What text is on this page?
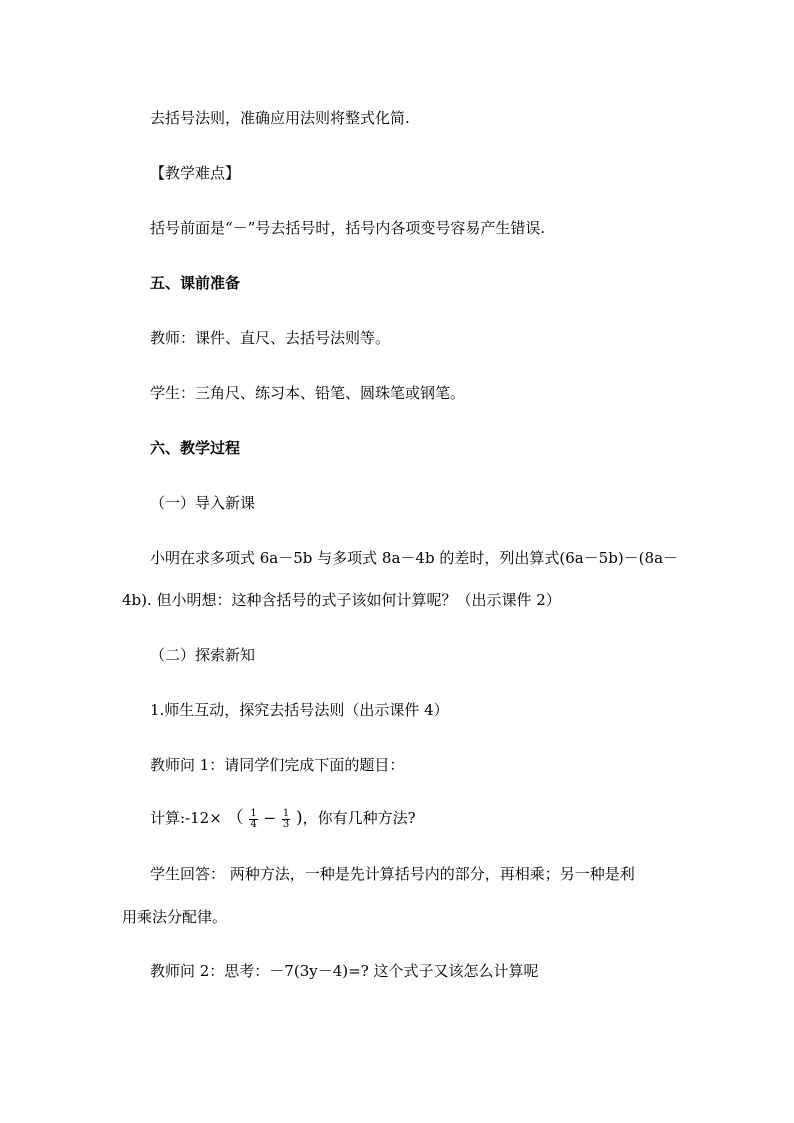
去括号法则，准确应用法则将整式化简.

【教学难点】

括号前面是“－”号去括号时，括号内各项变号容易产生错误.

五、课前准备

教师：课件、直尺、去括号法则等。

学生：三角尺、练习本、铅笔、圆珠笔或钢笔。

六、教学过程

（一）导入新课

小明在求多项式 6a－5b 与多项式 8a－4b 的差时，列出算式(6a－5b)－(8a－

4b). 但小明想：这种含括号的式子该如何计算呢？（出示课件 2）

（二）探索新知

1.师生互动，探究去括号法则（出示课件 4）

教师问 1：请同学们完成下面的题目：

计算:-12× （ $\frac{1}{4} - \frac{1}{3}$ )，你有几种方法?

学生回答： 两种方法，一种是先计算括号内的部分，再相乘；另一种是利

用乘法分配律。

教师问 2：思考：－7(3y－4)=? 这个式子又该怎么计算呢
